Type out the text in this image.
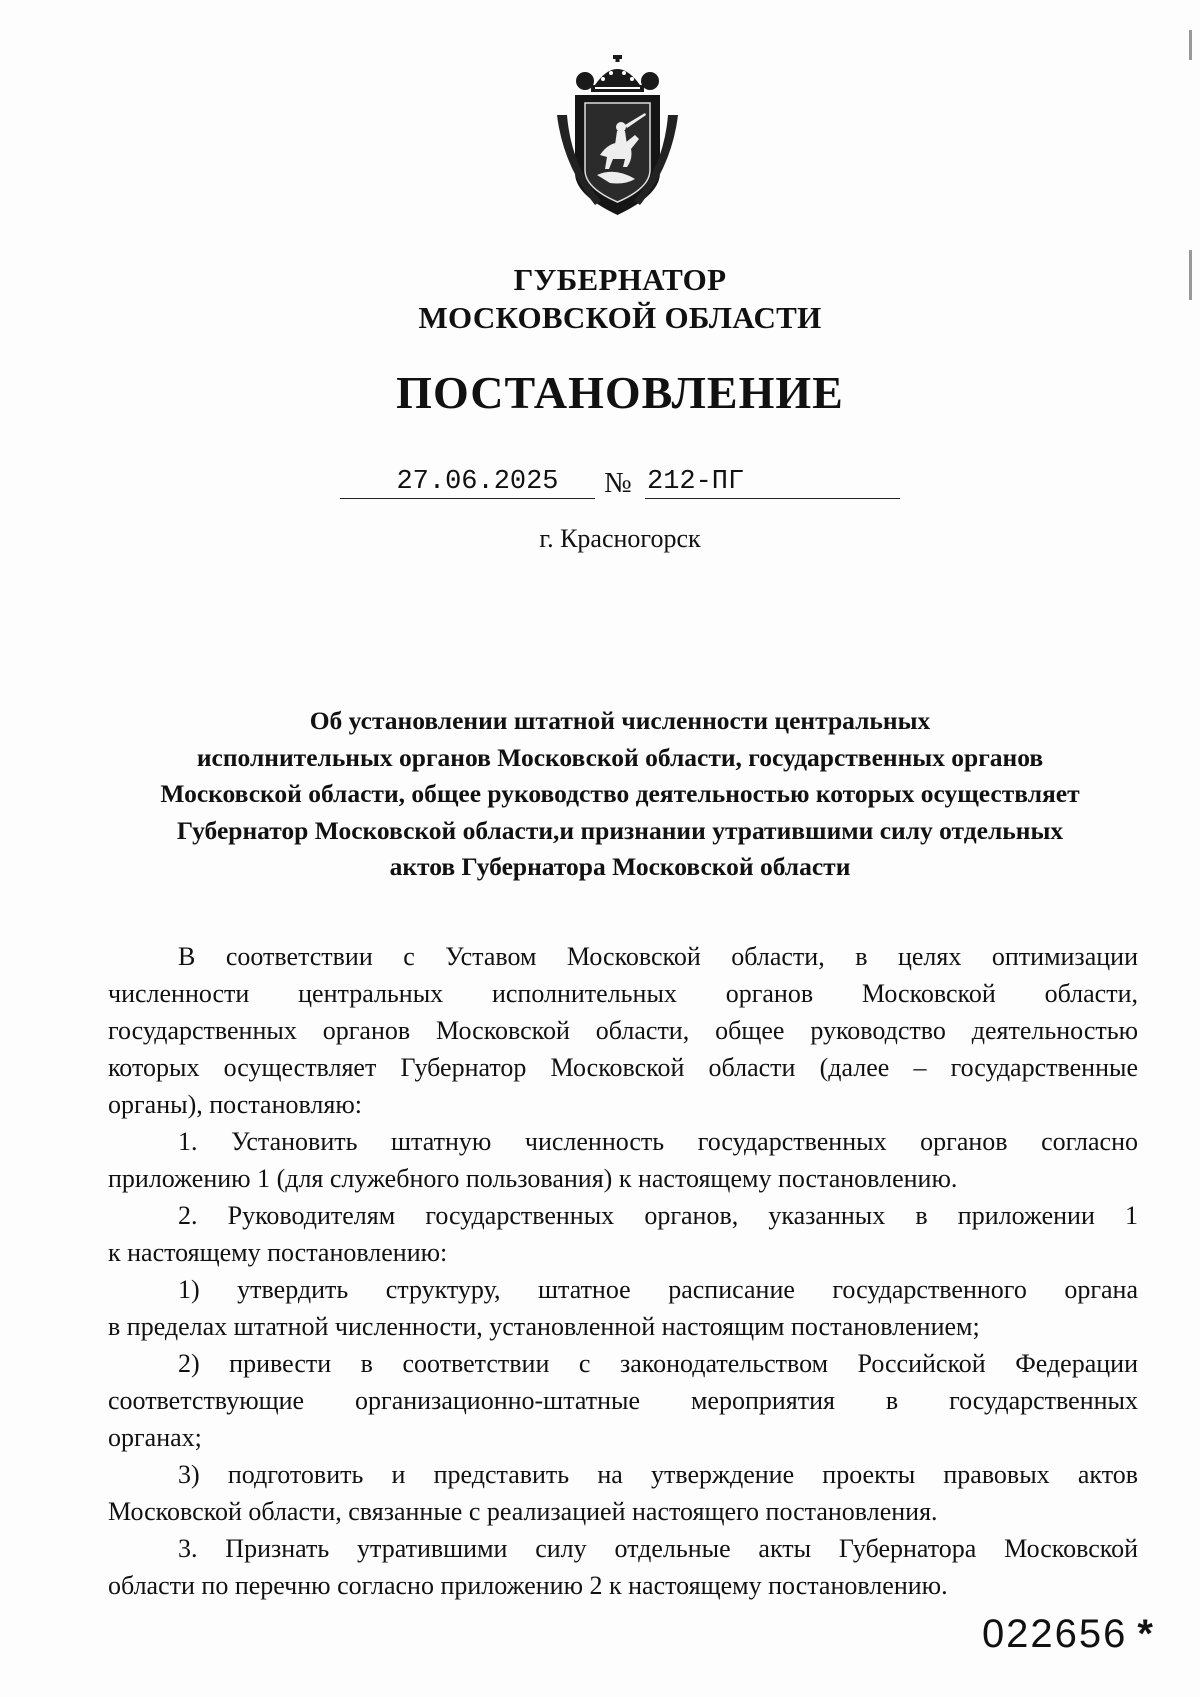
ГУБЕРНАТОР
МОСКОВСКОЙ ОБЛАСТИ
ПОСТАНОВЛЕНИЕ
27.06.2025	№ 212-ПГ
г. Красногорск
Об установлении штатной численности центральных
исполнительных органов Московской области, государственных органов
Московской области, общее руководство деятельностью которых осуществляет
Губернатор Московской области,и признании утратившими силу отдельных
актов Губернатора Московской области
В соответствии с Уставом Московской области, в целях оптимизации
численности центральных исполнительных органов Московской области,
государственных органов Московской области, общее руководство деятельностью
которых осуществляет Губернатор Московской области (далее – государственные
органы), постановляю:
1. Установить штатную численность государственных органов согласно
приложению 1 (для служебного пользования) к настоящему постановлению.
2. Руководителям государственных органов, указанных в приложении 1
к настоящему постановлению:
1) утвердить структуру, штатное расписание государственного органа
в пределах штатной численности, установленной настоящим постановлением;
2) привести в соответствии с законодательством Российской Федерации
соответствующие организационно-штатные мероприятия в государственных
органах;
3) подготовить и представить на утверждение проекты правовых актов
Московской области, связанные с реализацией настоящего постановления.
3. Признать утратившими силу отдельные акты Губернатора Московской
области по перечню согласно приложению 2 к настоящему постановлению.
022656 *
